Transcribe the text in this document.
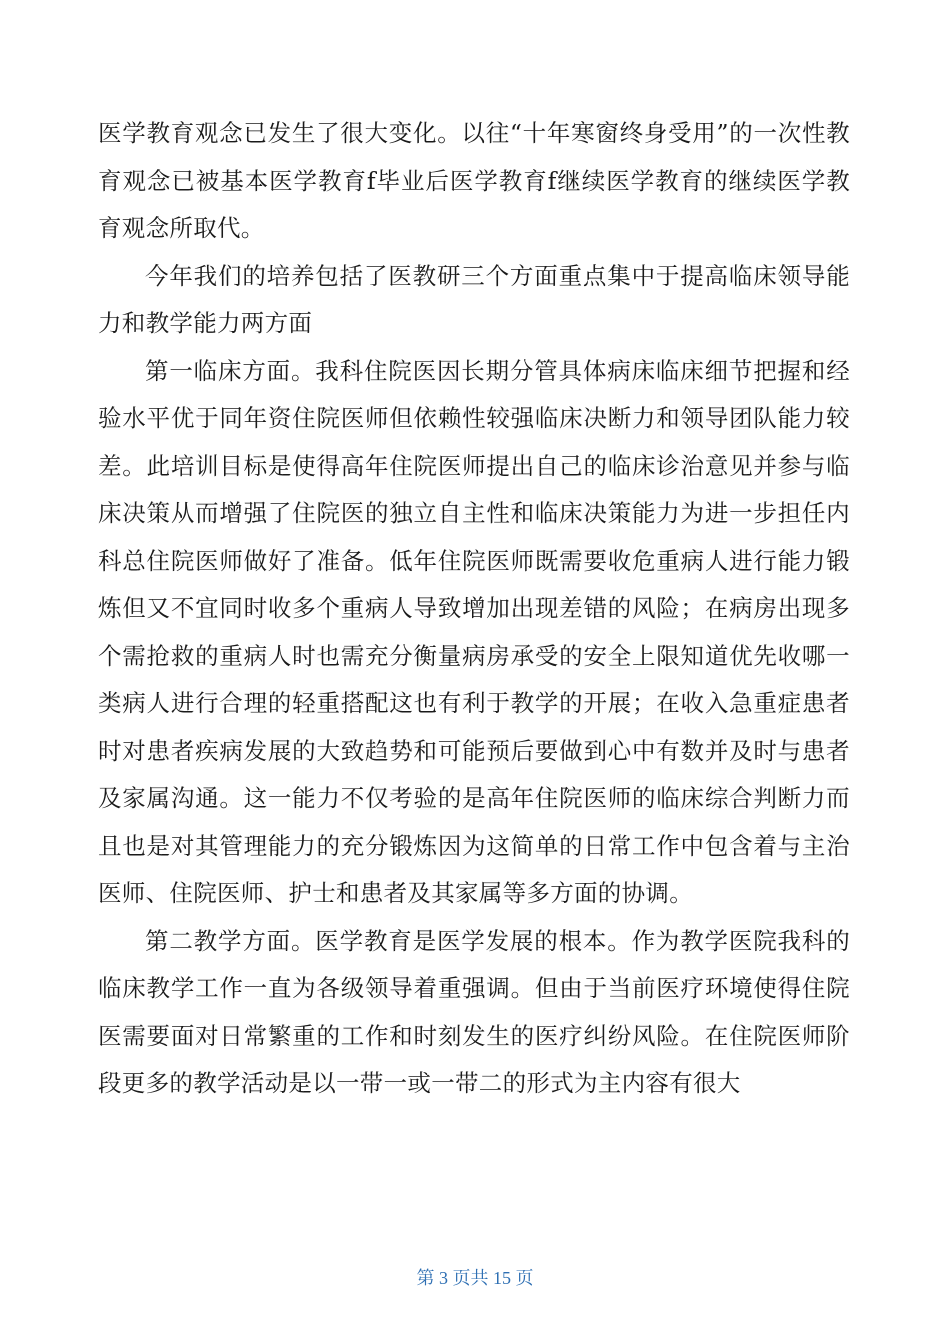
医学教育观念已发生了很大变化。以往“十年寒窗终身受用”的一次性教育观念已被基本医学教育f毕业后医学教育f继续医学教育的继续医学教育观念所取代。

今年我们的培养包括了医教研三个方面重点集中于提高临床领导能力和教学能力两方面

第一临床方面。我科住院医因长期分管具体病床临床细节把握和经验水平优于同年资住院医师但依赖性较强临床决断力和领导团队能力较差。此培训目标是使得高年住院医师提出自己的临床诊治意见并参与临床决策从而增强了住院医的独立自主性和临床决策能力为进一步担任内科总住院医师做好了准备。低年住院医师既需要收危重病人进行能力锻炼但又不宜同时收多个重病人导致增加出现差错的风险；在病房出现多个需抢救的重病人时也需充分衡量病房承受的安全上限知道优先收哪一类病人进行合理的轻重搭配这也有利于教学的开展；在收入急重症患者时对患者疾病发展的大致趋势和可能预后要做到心中有数并及时与患者及家属沟通。这一能力不仅考验的是高年住院医师的临床综合判断力而且也是对其管理能力的充分锻炼因为这简单的日常工作中包含着与主治医师、住院医师、护士和患者及其家属等多方面的协调。

第二教学方面。医学教育是医学发展的根本。作为教学医院我科的临床教学工作一直为各级领导着重强调。但由于当前医疗环境使得住院医需要面对日常繁重的工作和时刻发生的医疗纠纷风险。在住院医师阶段更多的教学活动是以一带一或一带二的形式为主内容有很大

第 3 页共 15 页
